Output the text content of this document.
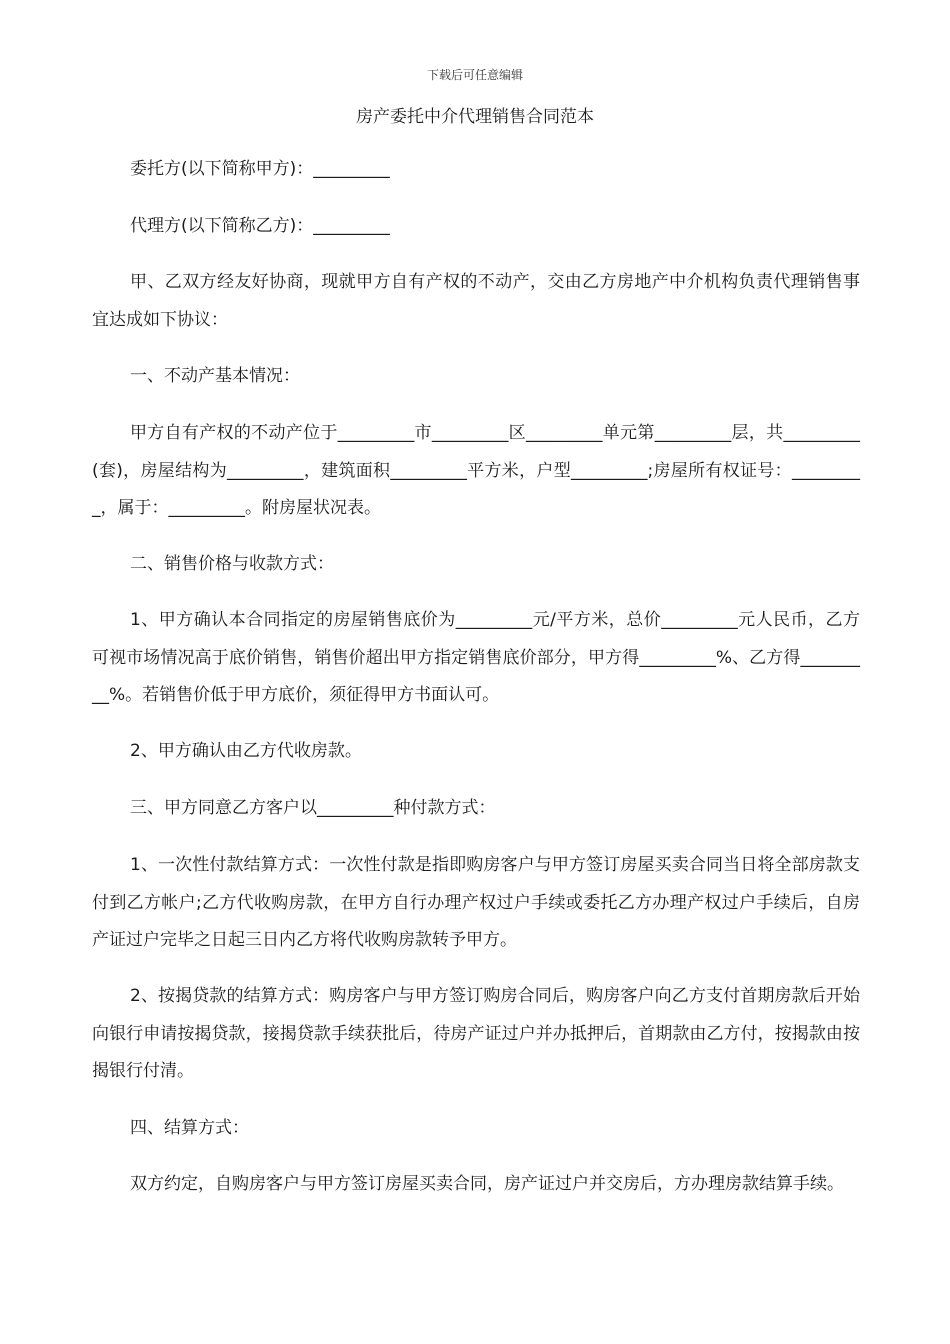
下载后可任意编辑
房产委托中介代理销售合同范本
委托方(以下简称甲方)：_________
代理方(以下简称乙方)：_________
甲、乙双方经友好协商，现就甲方自有产权的不动产，交由乙方房地产中介机构负责代理销售事宜达成如下协议：
一、不动产基本情况：
甲方自有产权的不动产位于_________市_________区_________单元第_________层，共_________(套)，房屋结构为_________，建筑面积_________平方米，户型_________;房屋所有权证号：_________，属于：_________。附房屋状况表。
二、销售价格与收款方式：
1、甲方确认本合同指定的房屋销售底价为_________元/平方米，总价_________元人民币，乙方可视市场情况高于底价销售，销售价超出甲方指定销售底价部分，甲方得_________%、乙方得_________%。若销售价低于甲方底价，须征得甲方书面认可。
2、甲方确认由乙方代收房款。
三、甲方同意乙方客户以_________种付款方式：
1、一次性付款结算方式：一次性付款是指即购房客户与甲方签订房屋买卖合同当日将全部房款支付到乙方帐户;乙方代收购房款，在甲方自行办理产权过户手续或委托乙方办理产权过户手续后，自房产证过户完毕之日起三日内乙方将代收购房款转予甲方。
2、按揭贷款的结算方式：购房客户与甲方签订购房合同后，购房客户向乙方支付首期房款后开始向银行申请按揭贷款，接揭贷款手续获批后，待房产证过户并办抵押后，首期款由乙方付，按揭款由按揭银行付清。
四、结算方式：
双方约定，自购房客户与甲方签订房屋买卖合同，房产证过户并交房后，方办理房款结算手续。
